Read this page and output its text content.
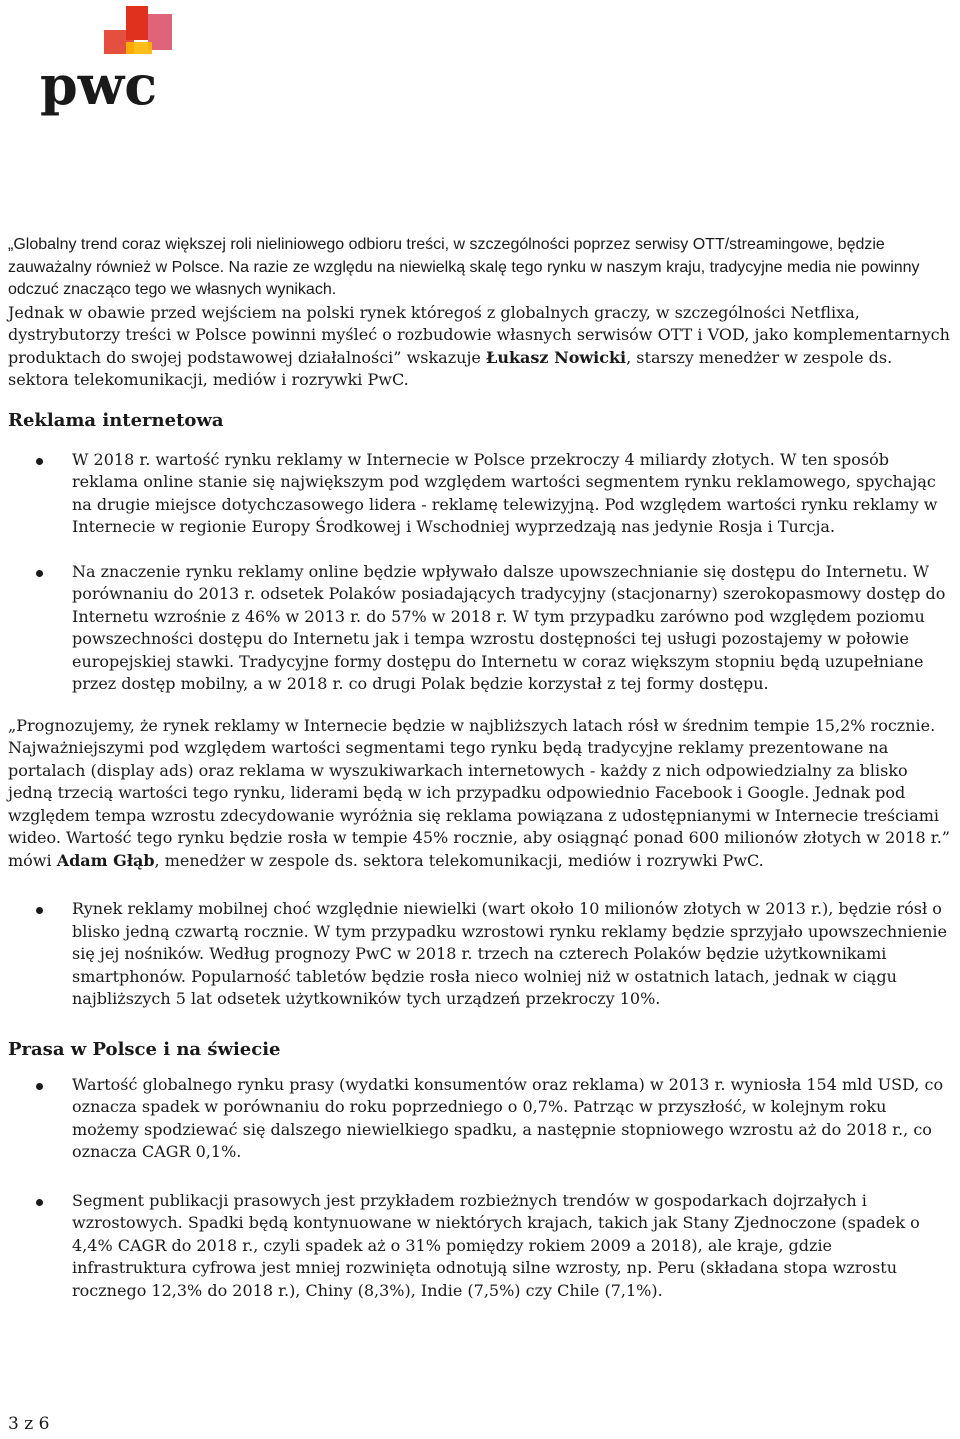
pwc

„Globalny trend coraz większej roli nieliniowego odbioru treści, w szczególności poprzez serwisy OTT/streamingowe, będzie zauważalny również w Polsce. Na razie ze względu na niewielką skalę tego rynku w naszym kraju, tradycyjne media nie powinny odczuć znacząco tego we własnych wynikach.

Jednak w obawie przed wejściem na polski rynek któregoś z globalnych graczy, w szczególności Netflixa, dystrybutorzy treści w Polsce powinni myśleć o rozbudowie własnych serwisów OTT i VOD, jako komplementarnych produktach do swojej podstawowej działalności” wskazuje Łukasz Nowicki, starszy menedżer w zespole ds. sektora telekomunikacji, mediów i rozrywki PwC.

Reklama internetowa
W 2018 r. wartość rynku reklamy w Internecie w Polsce przekroczy 4 miliardy złotych. W ten sposób reklama online stanie się największym pod względem wartości segmentem rynku reklamowego, spychając na drugie miejsce dotychczasowego lidera - reklamę telewizyjną. Pod względem wartości rynku reklamy w Internecie w regionie Europy Środkowej i Wschodniej wyprzedzają nas jedynie Rosja i Turcja.
Na znaczenie rynku reklamy online będzie wpływało dalsze upowszechnianie się dostępu do Internetu. W porównaniu do 2013 r. odsetek Polaków posiadających tradycyjny (stacjonarny) szerokopasmowy dostęp do Internetu wzrośnie z 46% w 2013 r. do 57% w 2018 r. W tym przypadku zarówno pod względem poziomu powszechności dostępu do Internetu jak i tempa wzrostu dostępności tej usługi pozostajemy w połowie europejskiej stawki. Tradycyjne formy dostępu do Internetu w coraz większym stopniu będą uzupełniane przez dostęp mobilny, a w 2018 r. co drugi Polak będzie korzystał z tej formy dostępu.

„Prognozujemy, że rynek reklamy w Internecie będzie w najbliższych latach rósł w średnim tempie 15,2% rocznie. Najważniejszymi pod względem wartości segmentami tego rynku będą tradycyjne reklamy prezentowane na portalach (display ads) oraz reklama w wyszukiwarkach internetowych - każdy z nich odpowiedzialny za blisko jedną trzecią wartości tego rynku, liderami będą w ich przypadku odpowiednio Facebook i Google. Jednak pod względem tempa wzrostu zdecydowanie wyróżnia się reklama powiązana z udostępnianymi w Internecie treściami wideo. Wartość tego rynku będzie rosła w tempie 45% rocznie, aby osiągnąć ponad 600 milionów złotych w 2018 r.” mówi Adam Głąb, menedżer w zespole ds. sektora telekomunikacji, mediów i rozrywki PwC.

Rynek reklamy mobilnej choć względnie niewielki (wart około 10 milionów złotych w 2013 r.), będzie rósł o blisko jedną czwartą rocznie. W tym przypadku wzrostowi rynku reklamy będzie sprzyjało upowszechnienie się jej nośników. Według prognozy PwC w 2018 r. trzech na czterech Polaków będzie użytkownikami smartphonów. Popularność tabletów będzie rosła nieco wolniej niż w ostatnich latach, jednak w ciągu najbliższych 5 lat odsetek użytkowników tych urządzeń przekroczy 10%.
Prasa w Polsce i na świecie
Wartość globalnego rynku prasy (wydatki konsumentów oraz reklama) w 2013 r. wyniosła 154 mld USD, co oznacza spadek w porównaniu do roku poprzedniego o 0,7%. Patrząc w przyszłość, w kolejnym roku możemy spodziewać się dalszego niewielkiego spadku, a następnie stopniowego wzrostu aż do 2018 r., co oznacza CAGR 0,1%.
Segment publikacji prasowych jest przykładem rozbieżnych trendów w gospodarkach dojrzałych i wzrostowych. Spadki będą kontynuowane w niektórych krajach, takich jak Stany Zjednoczone (spadek o 4,4% CAGR do 2018 r., czyli spadek aż o 31% pomiędzy rokiem 2009 a 2018), ale kraje, gdzie infrastruktura cyfrowa jest mniej rozwinięta odnotują silne wzrosty, np. Peru (składana stopa wzrostu rocznego 12,3% do 2018 r.), Chiny (8,3%), Indie (7,5%) czy Chile (7,1%).
3 z 6
